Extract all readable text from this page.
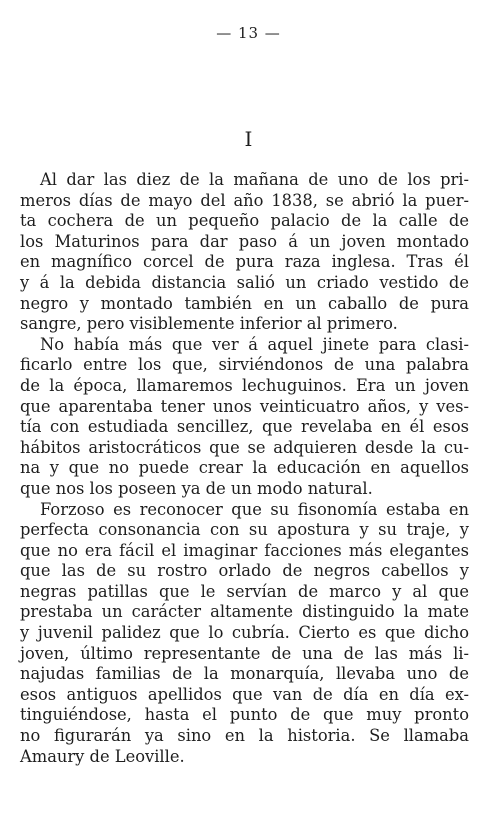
— 13 —
I
Al dar las diez de la mañana de uno de los pri-
meros días de mayo del año 1838, se abrió la puer-
ta cochera de un pequeño palacio de la calle de
los Maturinos para dar paso á un joven montado
en magnífico corcel de pura raza inglesa. Tras él
y á la debida distancia salió un criado vestido de
negro y montado también en un caballo de pura
sangre, pero visiblemente inferior al primero.
No había más que ver á aquel jinete para clasi-
ficarlo entre los que, sirviéndonos de una palabra
de la época, llamaremos lechuguinos. Era un joven
que aparentaba tener unos veinticuatro años, y ves-
tía con estudiada sencillez, que revelaba en él esos
hábitos aristocráticos que se adquieren desde la cu-
na y que no puede crear la educación en aquellos
que nos los poseen ya de un modo natural.
Forzoso es reconocer que su fisonomía estaba en
perfecta consonancia con su apostura y su traje, y
que no era fácil el imaginar facciones más elegantes
que las de su rostro orlado de negros cabellos y
negras patillas que le servían de marco y al que
prestaba un carácter altamente distinguido la mate
y juvenil palidez que lo cubría. Cierto es que dicho
joven, último representante de una de las más li-
najudas familias de la monarquía, llevaba uno de
esos antiguos apellidos que van de día en día ex-
tinguiéndose, hasta el punto de que muy pronto
no figurarán ya sino en la historia. Se llamaba
Amaury de Leoville.
